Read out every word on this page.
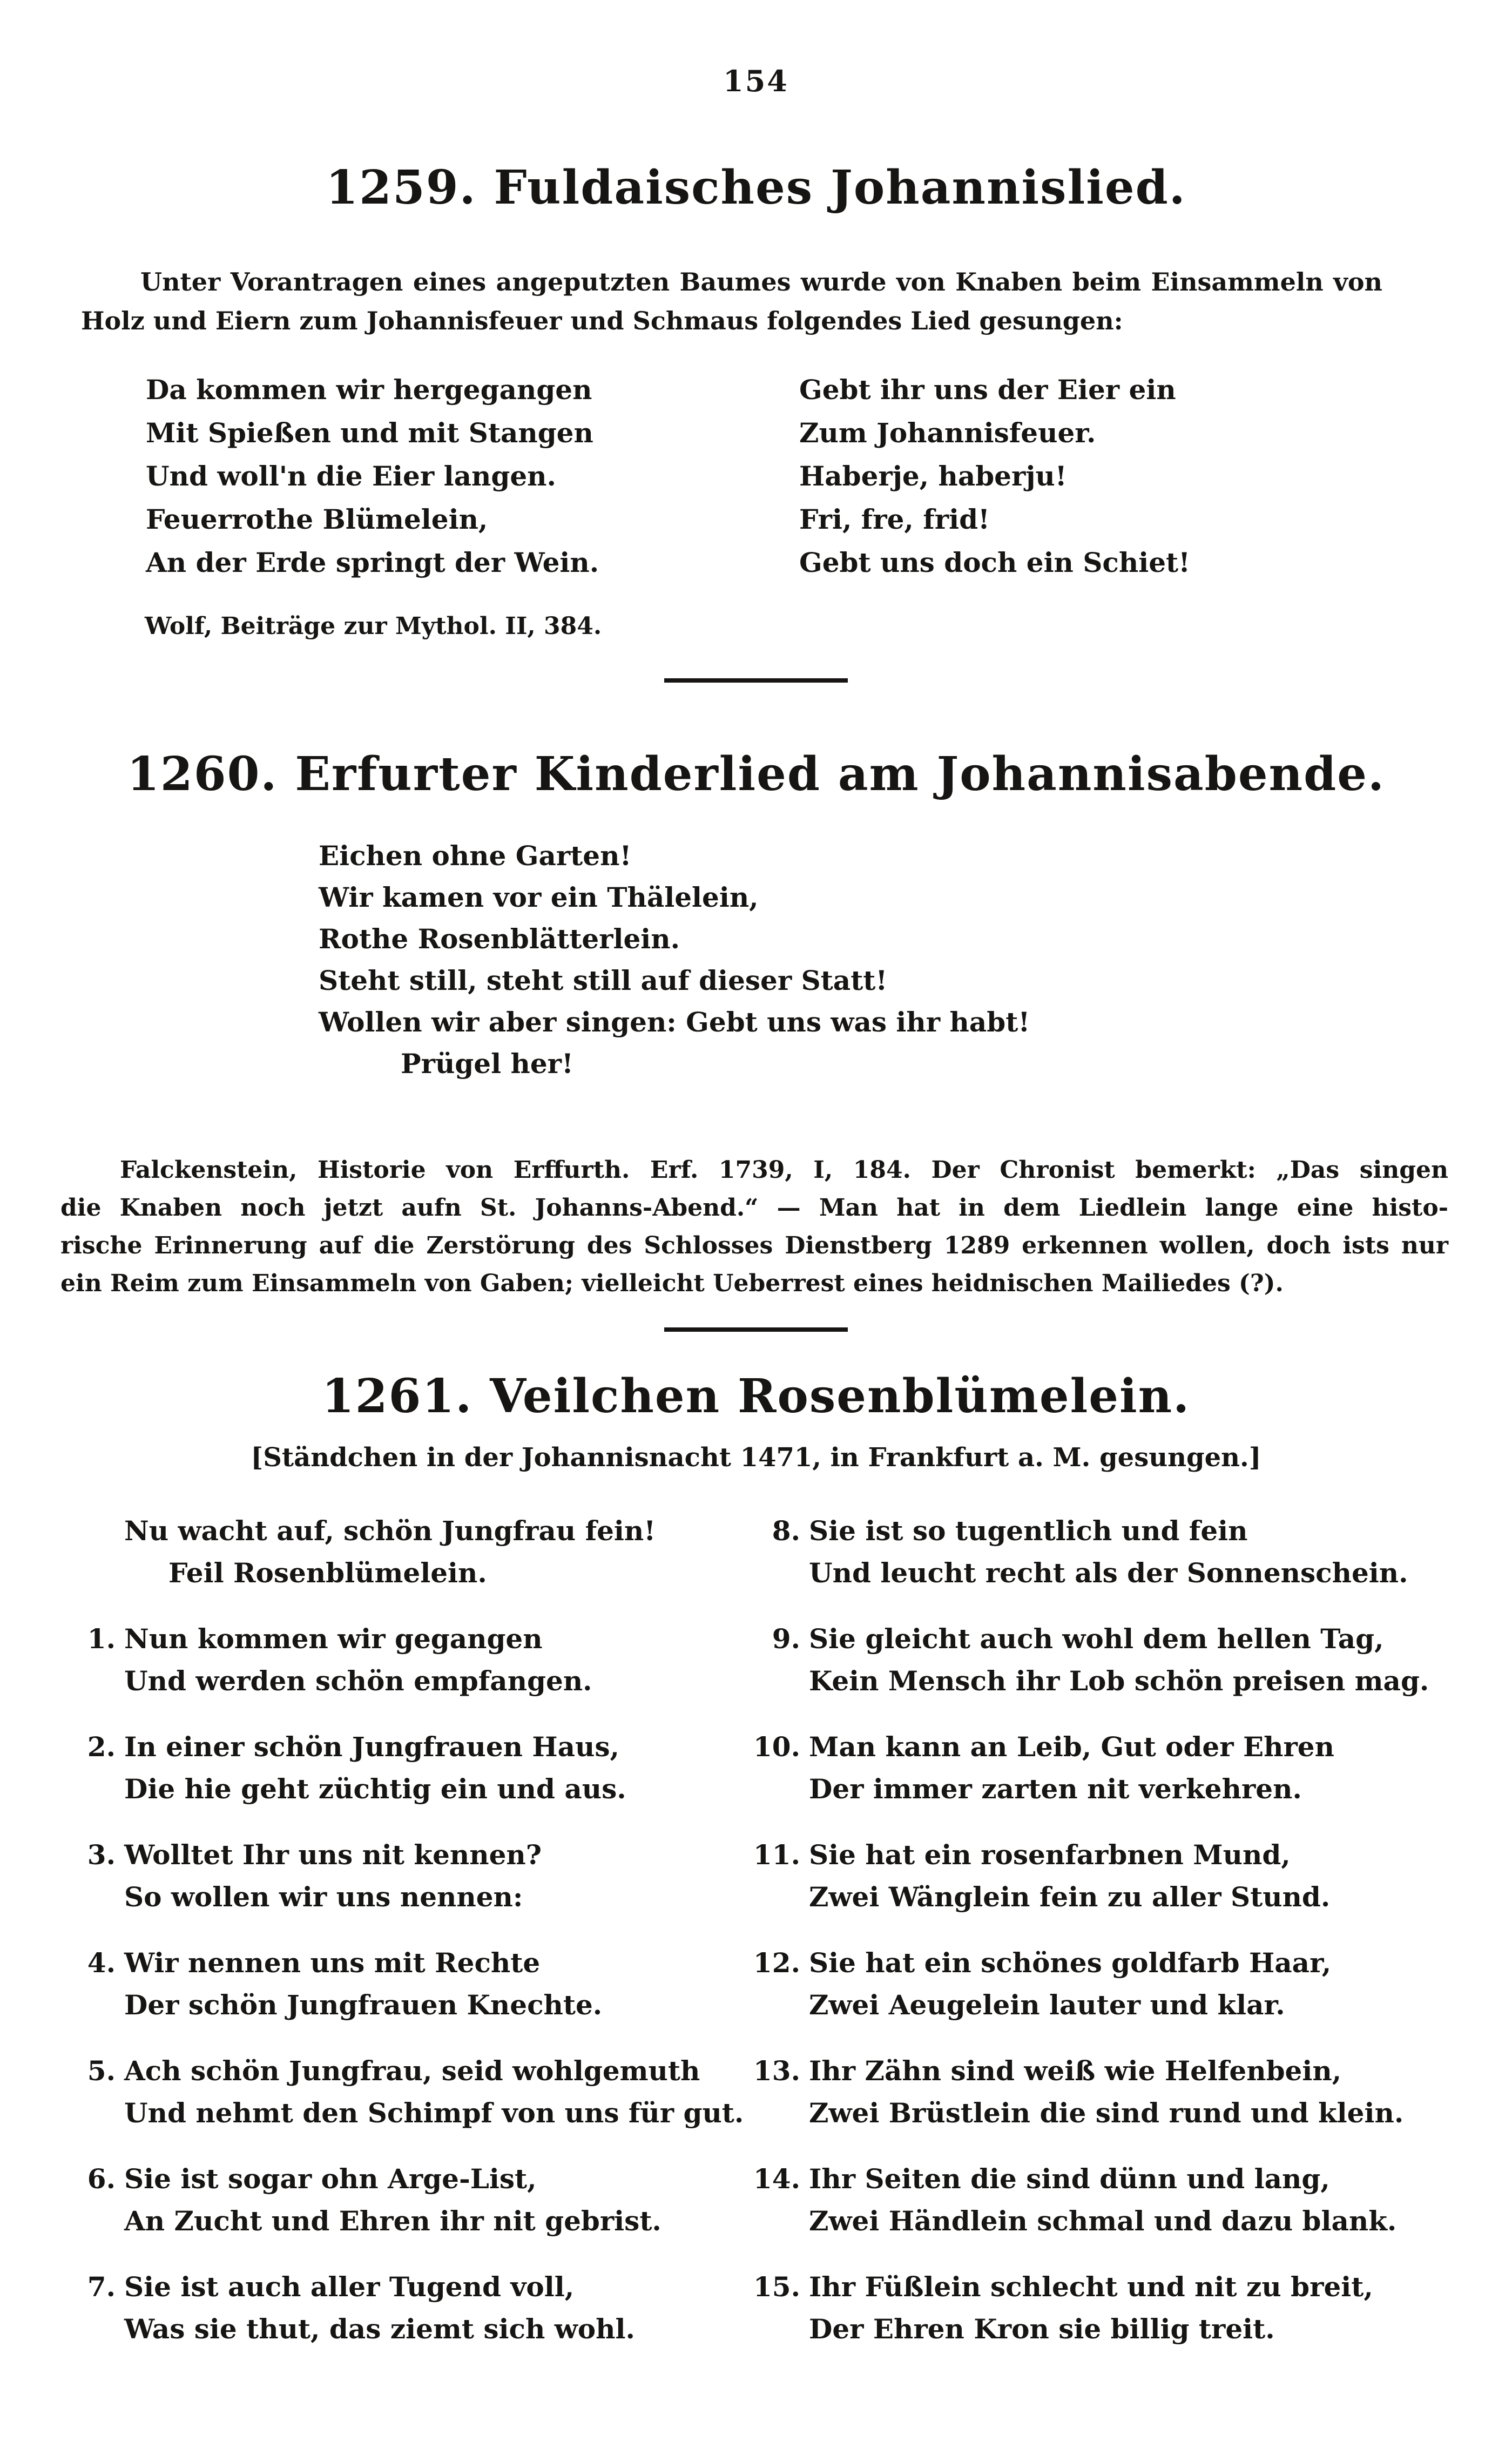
154
1259. Fuldaisches Johannislied.
Unter Vorantragen eines angeputzten Baumes wurde von Knaben beim Einsammeln von
Holz und Eiern zum Johannisfeuer und Schmaus folgendes Lied gesungen:
Da kommen wir hergegangen
Mit Spießen und mit Stangen
Und woll'n die Eier langen.
Feuerrothe Blümelein,
An der Erde springt der Wein.
Gebt ihr uns der Eier ein
Zum Johannisfeuer.
Haberje, haberju!
Fri, fre, frid!
Gebt uns doch ein Schiet!
Wolf, Beiträge zur Mythol. II, 384.
1260. Erfurter Kinderlied am Johannisabende.
Eichen ohne Garten!
Wir kamen vor ein Thälelein,
Rothe Rosenblätterlein.
Steht still, steht still auf dieser Statt!
Wollen wir aber singen: Gebt uns was ihr habt!
Prügel her!
Falckenstein, Historie von Erffurth. Erf. 1739, I, 184. Der Chronist bemerkt: „Das singen
die Knaben noch jetzt aufn St. Johanns-Abend.“ — Man hat in dem Liedlein lange eine histo-
rische Erinnerung auf die Zerstörung des Schlosses Dienstberg 1289 erkennen wollen, doch ists nur
ein Reim zum Einsammeln von Gaben; vielleicht Ueberrest eines heidnischen Mailiedes (?).
1261. Veilchen Rosenblümelein.
[Ständchen in der Johannisnacht 1471, in Frankfurt a. M. gesungen.]
Nu wacht auf, schön Jungfrau fein!
Feil Rosenblümelein.
1. Nun kommen wir gegangen
Und werden schön empfangen.
2. In einer schön Jungfrauen Haus,
Die hie geht züchtig ein und aus.
3. Wolltet Ihr uns nit kennen?
So wollen wir uns nennen:
4. Wir nennen uns mit Rechte
Der schön Jungfrauen Knechte.
5. Ach schön Jungfrau, seid wohlgemuth
Und nehmt den Schimpf von uns für gut.
6. Sie ist sogar ohn Arge-List,
An Zucht und Ehren ihr nit gebrist.
7. Sie ist auch aller Tugend voll,
Was sie thut, das ziemt sich wohl.
8. Sie ist so tugentlich und fein
Und leucht recht als der Sonnenschein.
9. Sie gleicht auch wohl dem hellen Tag,
Kein Mensch ihr Lob schön preisen mag.
10. Man kann an Leib, Gut oder Ehren
Der immer zarten nit verkehren.
11. Sie hat ein rosenfarbnen Mund,
Zwei Wänglein fein zu aller Stund.
12. Sie hat ein schönes goldfarb Haar,
Zwei Aeugelein lauter und klar.
13. Ihr Zähn sind weiß wie Helfenbein,
Zwei Brüstlein die sind rund und klein.
14. Ihr Seiten die sind dünn und lang,
Zwei Händlein schmal und dazu blank.
15. Ihr Füßlein schlecht und nit zu breit,
Der Ehren Kron sie billig treit.
